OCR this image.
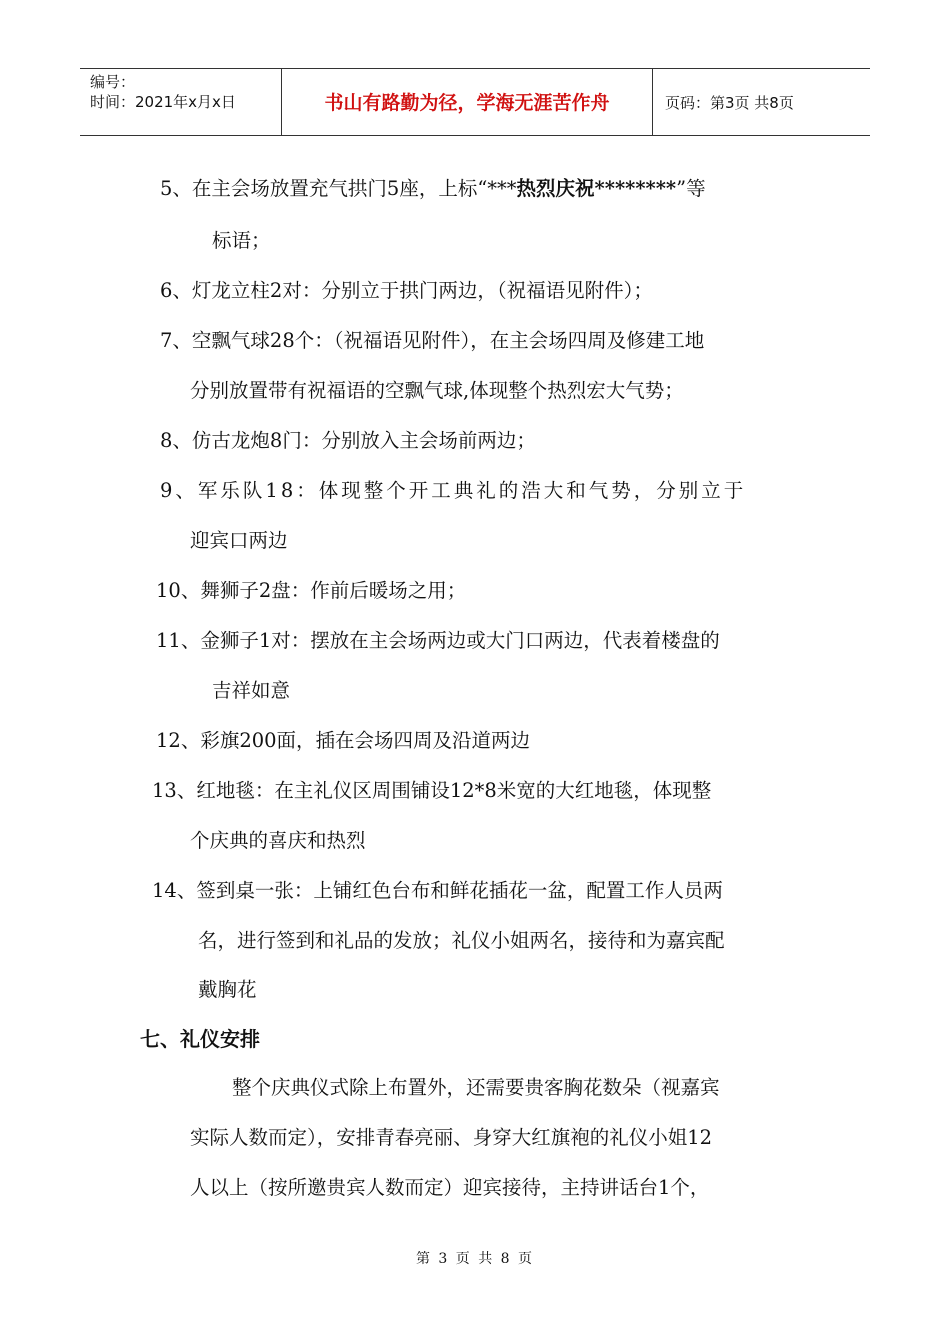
编号：
时间：2021年x月x日	书山有路勤为径，学海无涯苦作舟	页码：第3页 共8页
5、在主会场放置充气拱门5座，上标“***热烈庆祝********”等
标语；
6、灯龙立柱2对：分别立于拱门两边，（祝福语见附件）；
7、空飘气球28个：（祝福语见附件），在主会场四周及修建工地
分别放置带有祝福语的空飘气球,体现整个热烈宏大气势；
8、仿古龙炮8门：分别放入主会场前两边；
9、军乐队18：体现整个开工典礼的浩大和气势，分别立于
迎宾口两边
10、舞狮子2盘：作前后暖场之用；
11、金狮子1对：摆放在主会场两边或大门口两边，代表着楼盘的
吉祥如意
12、彩旗200面，插在会场四周及沿道两边
13、红地毯：在主礼仪区周围铺设12*8米宽的大红地毯，体现整
个庆典的喜庆和热烈
14、签到桌一张：上铺红色台布和鲜花插花一盆，配置工作人员两
名，进行签到和礼品的发放；礼仪小姐两名，接待和为嘉宾配
戴胸花
七、礼仪安排
整个庆典仪式除上布置外，还需要贵客胸花数朵（视嘉宾
实际人数而定），安排青春亮丽、身穿大红旗袍的礼仪小姐12
人以上（按所邀贵宾人数而定）迎宾接待，主持讲话台1个，
第 3 页 共 8 页
